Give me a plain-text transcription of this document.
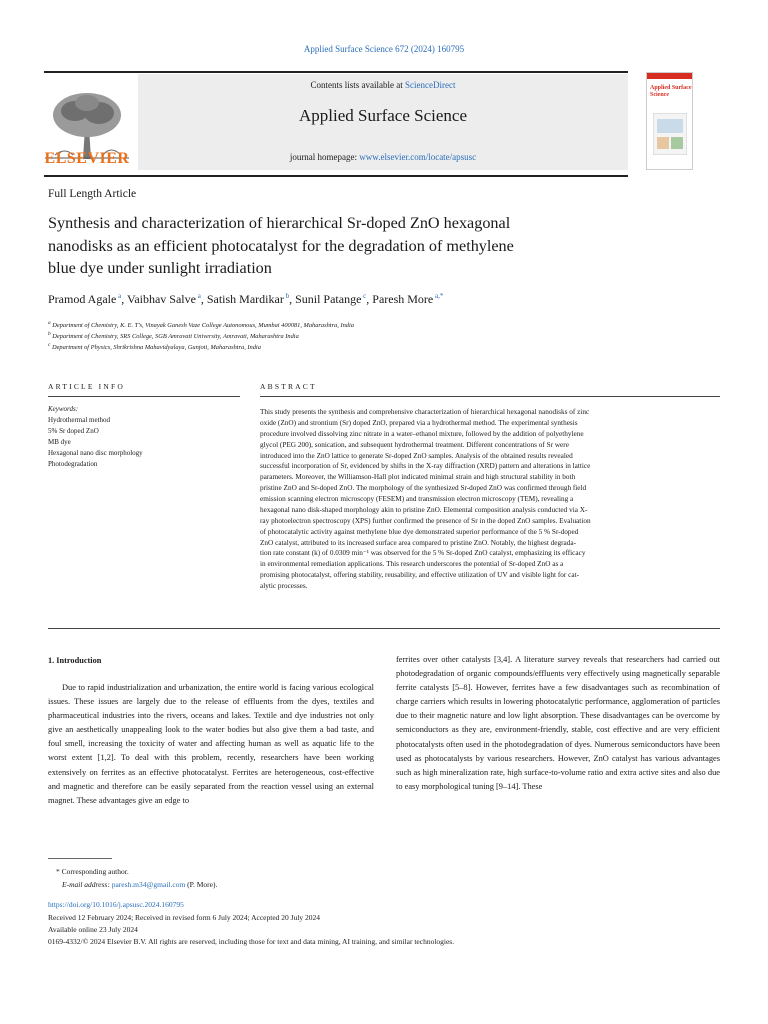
Applied Surface Science 672 (2024) 160795
ELSEVIER
Contents lists available at ScienceDirect
Applied Surface Science
journal homepage: www.elsevier.com/locate/apsusc
Applied Surface Science
Full Length Article
Synthesis and characterization of hierarchical Sr-doped ZnO hexagonal
nanodisks as an efficient photocatalyst for the degradation of methylene
blue dye under sunlight irradiation
Pramod Agale $^a$, Vaibhav Salve $^a$, Satish Mardikar $^b$, Sunil Patange $^c$, Paresh More $^{a,*}$
$^a$ Department of Chemistry, K. E. T's, Vinayak Ganesh Vaze College Autonomous, Mumbai 400081, Maharashtra, India
$^b$ Department of Chemistry, SRS College, SGB Amravati University, Amravati, Maharashtra India
$^c$ Department of Physics, Shrikrishna Mahavidyalaya, Gunjoti, Maharashtra, India
ARTICLE INFO
Keywords:
Hydrothermal method
5% Sr doped ZnO
MB dye
Hexagonal nano disc morphology
Photodegradation
ABSTRACT
This study presents the synthesis and comprehensive characterization of hierarchical hexagonal nanodisks of zinc
oxide (ZnO) and strontium (Sr) doped ZnO, prepared via a hydrothermal method. The experimental synthesis
procedure involved dissolving zinc nitrate in a water–ethanol mixture, followed by the addition of polyethylene
glycol (PEG 200), sonication, and subsequent hydrothermal treatment. Different concentrations of Sr were
introduced into the ZnO lattice to generate Sr-doped ZnO samples. Analysis of the obtained results revealed
successful incorporation of Sr, evidenced by shifts in the X-ray diffraction (XRD) pattern and alterations in lattice
parameters. Moreover, the Williamson-Hall plot indicated minimal strain and high structural stability in both
pristine ZnO and Sr-doped ZnO. The morphology of the synthesized Sr-doped ZnO was confirmed through field
emission scanning electron microscopy (FESEM) and transmission electron microscopy (TEM), revealing a
hexagonal nano disk-shaped morphology akin to pristine ZnO. Elemental composition analysis conducted via X-
ray photoelectron spectroscopy (XPS) further confirmed the presence of Sr in the doped ZnO samples. Evaluation
of photocatalytic activity against methylene blue dye demonstrated superior performance of the 5 % Sr-doped
ZnO catalyst, attributed to its increased surface area compared to pristine ZnO. Notably, the highest degrada-
tion rate constant (k) of 0.0309 min⁻¹ was observed for the 5 % Sr-doped ZnO catalyst, emphasizing its efficacy
in environmental remediation applications. This research underscores the potential of Sr-doped ZnO as a
promising photocatalyst, offering stability, reusability, and effective utilization of UV and visible light for cat-
alytic processes.
1. Introduction

Due to rapid industrialization and urbanization, the entire world is facing various ecological issues. These issues are largely due to the release of effluents from the dyes, textiles and pharmaceutical industries into the rivers, oceans and lakes. Textile and dye industries not only give an aesthetically unappealing look to the water bodies but also give them a bad taste, and foul smell, increasing the toxicity of water and affecting human as well as aquatic life to the worst extent [1,2]. To deal with this problem, recently, researchers have been working extensively on ferrites as an effective photocatalyst. Ferrites are heterogeneous, cost-effective and magnetic and therefore can be easily separated from the reaction vessel using an external magnet. These advantages give an edge to

ferrites over other catalysts [3,4]. A literature survey reveals that researchers had carried out photodegradation of organic compounds/effluents very effectively using magnetically separable ferrite catalysts [5–8]. However, ferrites have a few disadvantages such as recombination of charge carriers which results in lowering photocatalytic performance, agglomeration of particles due to their magnetic nature and low light absorption. These disadvantages can be overcome by semiconductors as they are, environment-friendly, stable, cost effective and are very efficient photocatalysts often used in the photodegradation of dyes. Numerous semiconductors have been used as photocatalysts by various researchers. However, ZnO catalyst has various advantages such as high mineralization rate, high surface-to-volume ratio and extra active sites and also due to easy morphological tuning [9–14]. These

* Corresponding author.
E-mail address: paresh.m34@gmail.com (P. More).
https://doi.org/10.1016/j.apsusc.2024.160795
Received 12 February 2024; Received in revised form 6 July 2024; Accepted 20 July 2024
Available online 23 July 2024
0169-4332/© 2024 Elsevier B.V. All rights are reserved, including those for text and data mining, AI training, and similar technologies.
